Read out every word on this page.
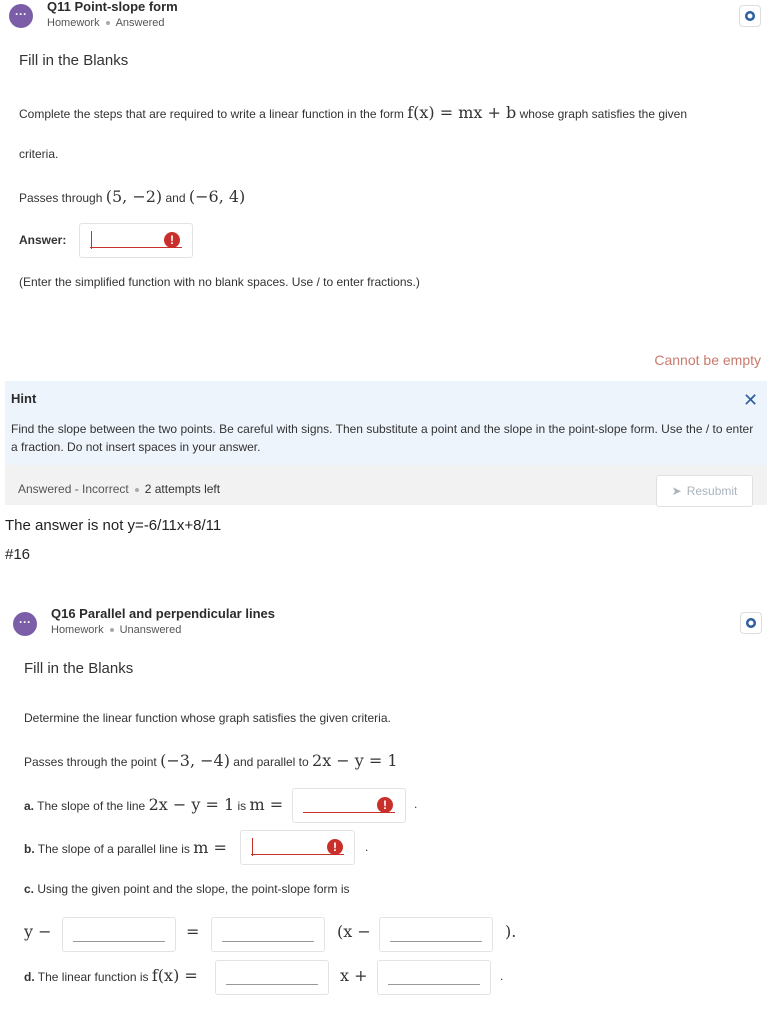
···	Q11 Point-slope form
Homework Answered
Fill in the Blanks
Complete the steps that are required to write a linear function in the form f(x) = mx + b whose graph satisfies the given
criteria.
Passes through (5, −2) and (−6, 4)
Answer:	!
(Enter the simplified function with no blank spaces. Use / to enter fractions.)
Cannot be empty
Hint	✕
Find the slope between the two points. Be careful with signs. Then substitute a point and the slope in the point-slope form. Use the / to enter a fraction. Do not insert spaces in your answer.
Answered - Incorrect 2 attempts left	➤ Resubmit
The answer is not y=-6/11x+8/11
#16
···
Q16 Parallel and perpendicular lines
Homework Unanswered
Fill in the Blanks
Determine the linear function whose graph satisfies the given criteria.
Passes through the point (−3, −4) and parallel to 2x − y = 1
a. The slope of the line 2x − y = 1 is m =	!	.
b. The slope of a parallel line is m =	!	.
c. Using the given point and the slope, the point-slope form is
y −	=	(x −	).
d. The linear function is f(x) =	x +	.
